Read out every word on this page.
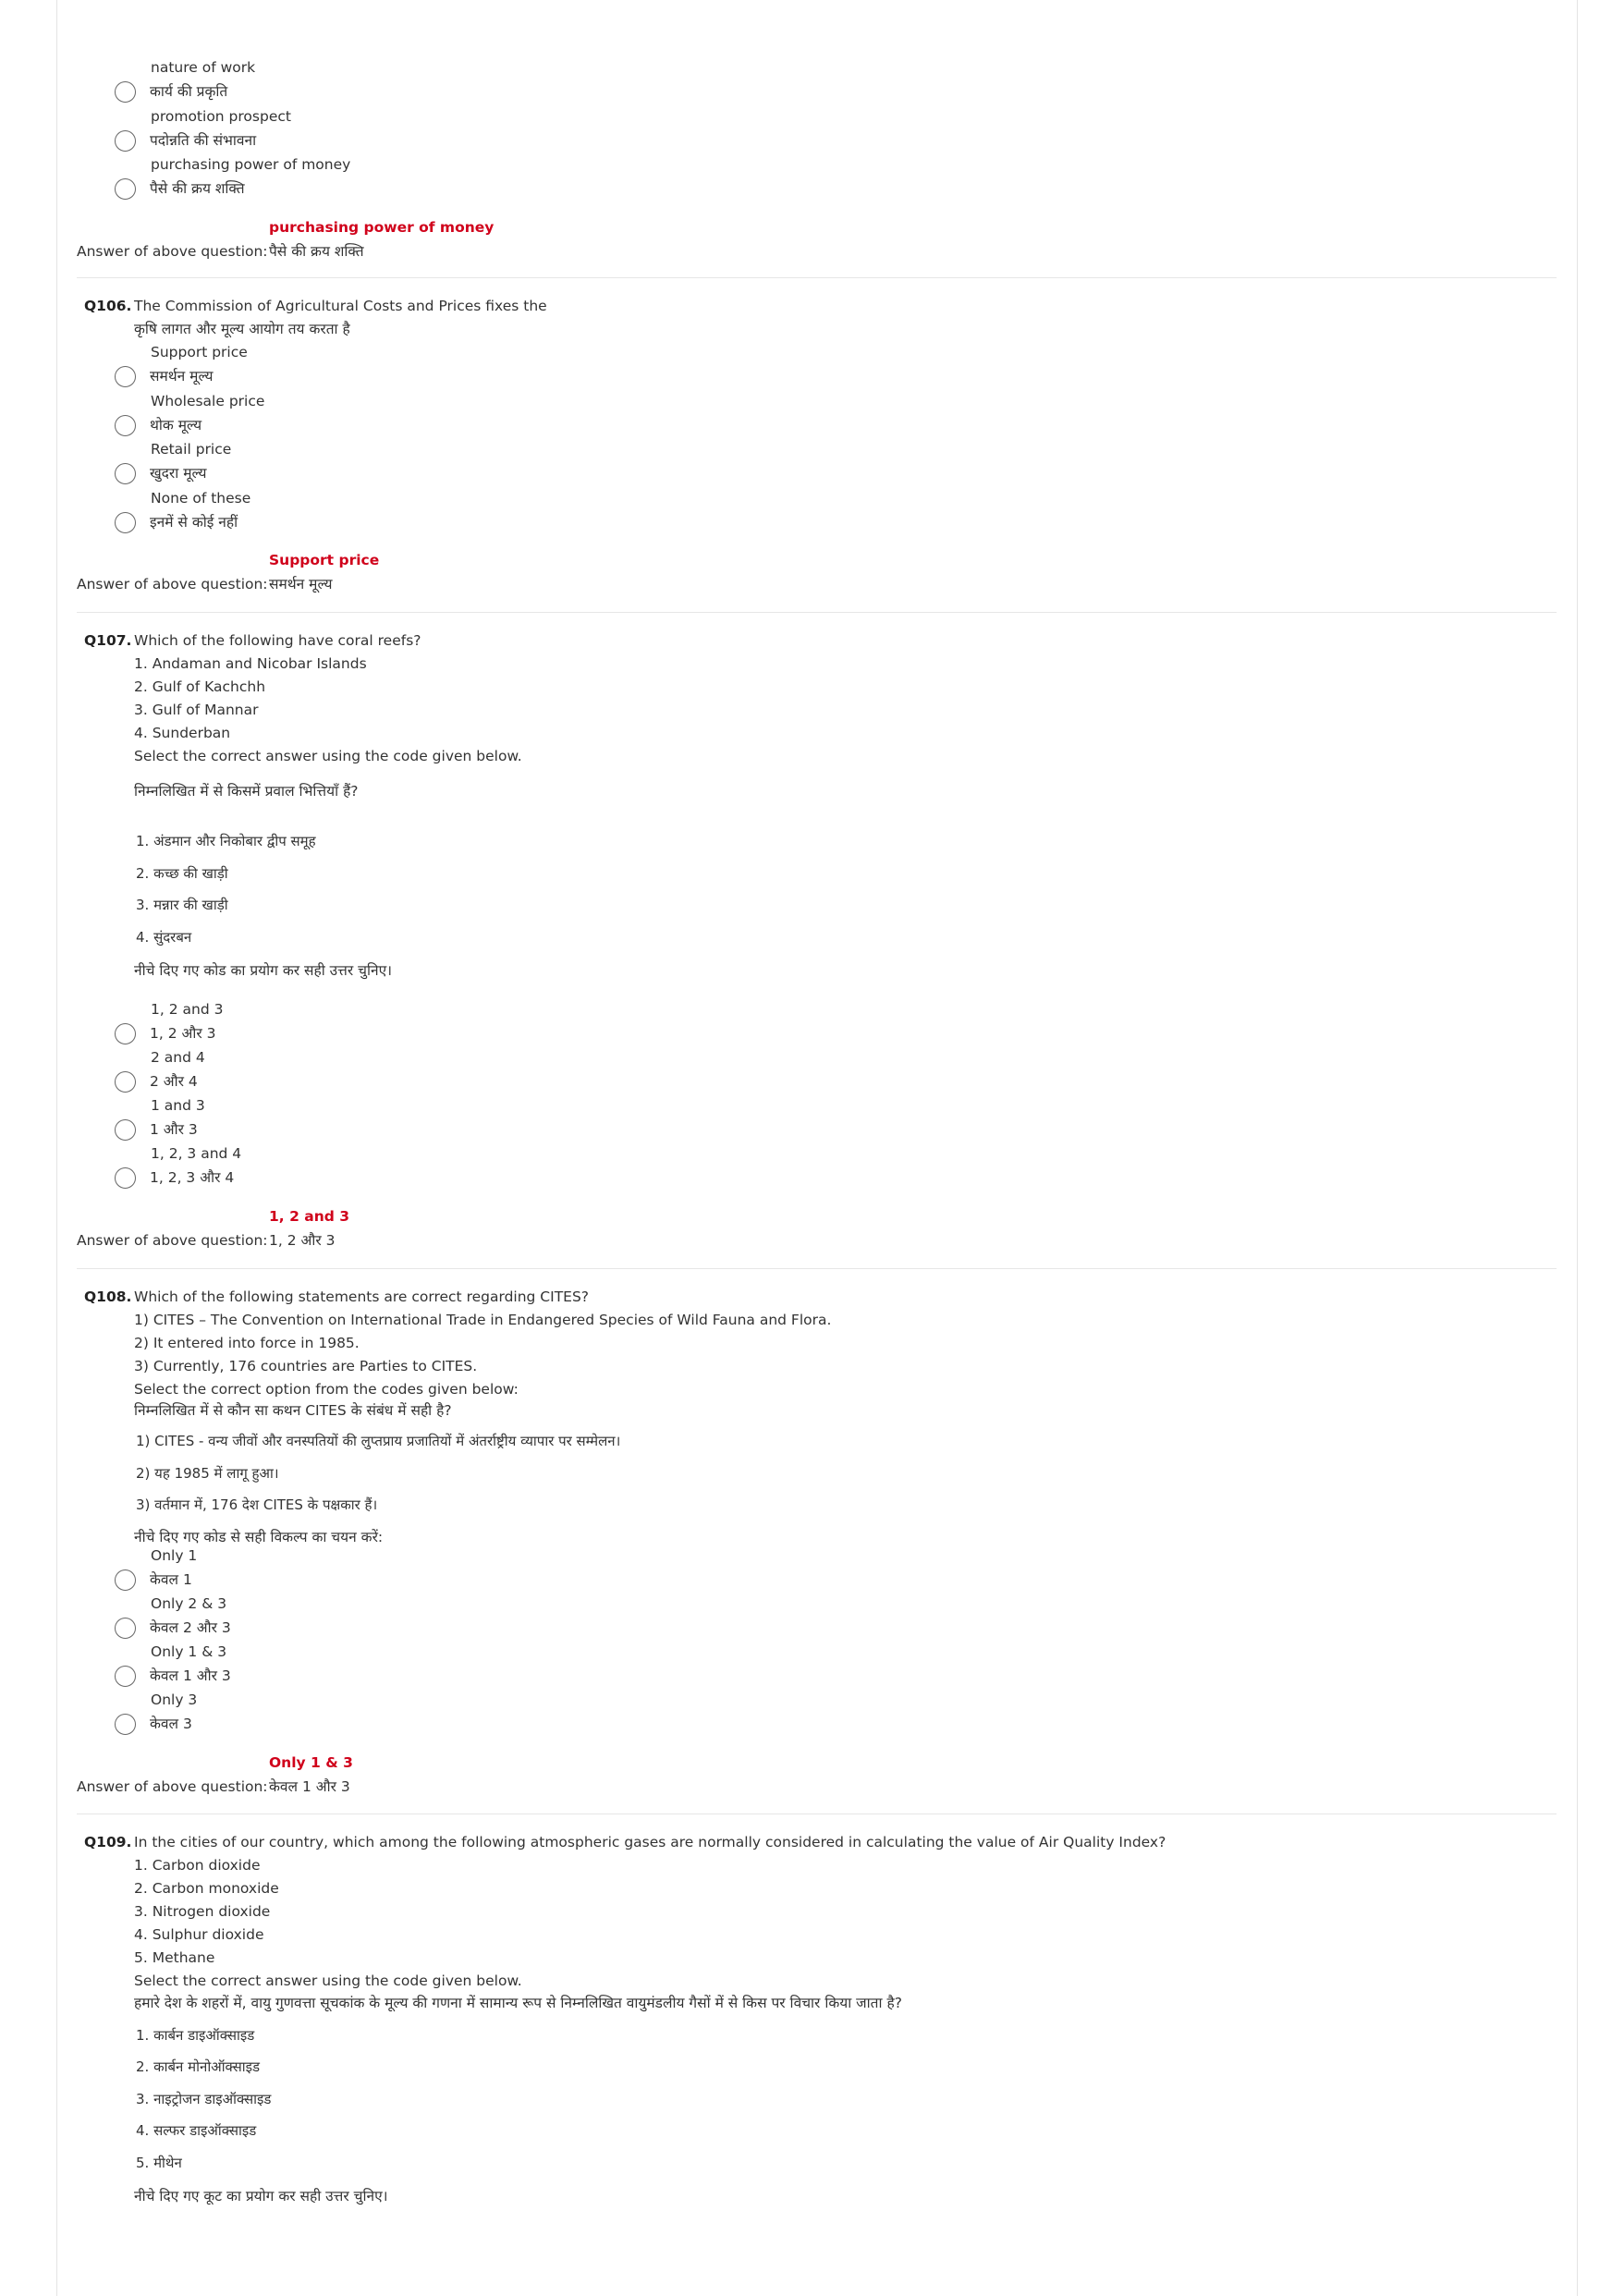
nature of work
कार्य की प्रकृति
promotion prospect
पदोन्नति की संभावना
purchasing power of money
पैसे की क्रय शक्ति
purchasing power of money
Answer of above question: पैसे की क्रय शक्ति
Q106. The Commission of Agricultural Costs and Prices fixes the
कृषि लागत और मूल्य आयोग तय करता है
Support price
समर्थन मूल्य
Wholesale price
थोक मूल्य
Retail price
खुदरा मूल्य
None of these
इनमें से कोई नहीं
Support price
Answer of above question: समर्थन मूल्य
Q107. Which of the following have coral reefs?
1. Andaman and Nicobar Islands
2. Gulf of Kachchh
3. Gulf of Mannar
4. Sunderban
Select the correct answer using the code given below.
निम्नलिखित में से किसमें प्रवाल भित्तियाँ हैं?
1. अंडमान और निकोबार द्वीप समूह
2. कच्छ की खाड़ी
3. मन्नार की खाड़ी
4. सुंदरबन
नीचे दिए गए कोड का प्रयोग कर सही उत्तर चुनिए।
1, 2 and 3
1, 2 और 3
2 and 4
2 और 4
1 and 3
1 और 3
1, 2, 3 and 4
1, 2, 3 और 4
1, 2 and 3
Answer of above question: 1, 2 और 3
Q108. Which of the following statements are correct regarding CITES?
1) CITES – The Convention on International Trade in Endangered Species of Wild Fauna and Flora.
2) It entered into force in 1985.
3) Currently, 176 countries are Parties to CITES.
Select the correct option from the codes given below:
निम्नलिखित में से कौन सा कथन CITES के संबंध में सही है?
1) CITES - वन्य जीवों और वनस्पतियों की लुप्तप्राय प्रजातियों में अंतर्राष्ट्रीय व्यापार पर सम्मेलन।
2) यह 1985 में लागू हुआ।
3) वर्तमान में, 176 देश CITES के पक्षकार हैं।
नीचे दिए गए कोड से सही विकल्प का चयन करें:
Only 1
केवल 1
Only 2 & 3
केवल 2 और 3
Only 1 & 3
केवल 1 और 3
Only 3
केवल 3
Only 1 & 3
Answer of above question: केवल 1 और 3
Q109. In the cities of our country, which among the following atmospheric gases are normally considered in calculating the value of Air Quality Index?
1. Carbon dioxide
2. Carbon monoxide
3. Nitrogen dioxide
4. Sulphur dioxide
5. Methane
Select the correct answer using the code given below.
हमारे देश के शहरों में, वायु गुणवत्ता सूचकांक के मूल्य की गणना में सामान्य रूप से निम्नलिखित वायुमंडलीय गैसों में से किस पर विचार किया जाता है?
1. कार्बन डाइऑक्साइड
2. कार्बन मोनोऑक्साइड
3. नाइट्रोजन डाइऑक्साइड
4. सल्फर डाइऑक्साइड
5. मीथेन
नीचे दिए गए कूट का प्रयोग कर सही उत्तर चुनिए।
